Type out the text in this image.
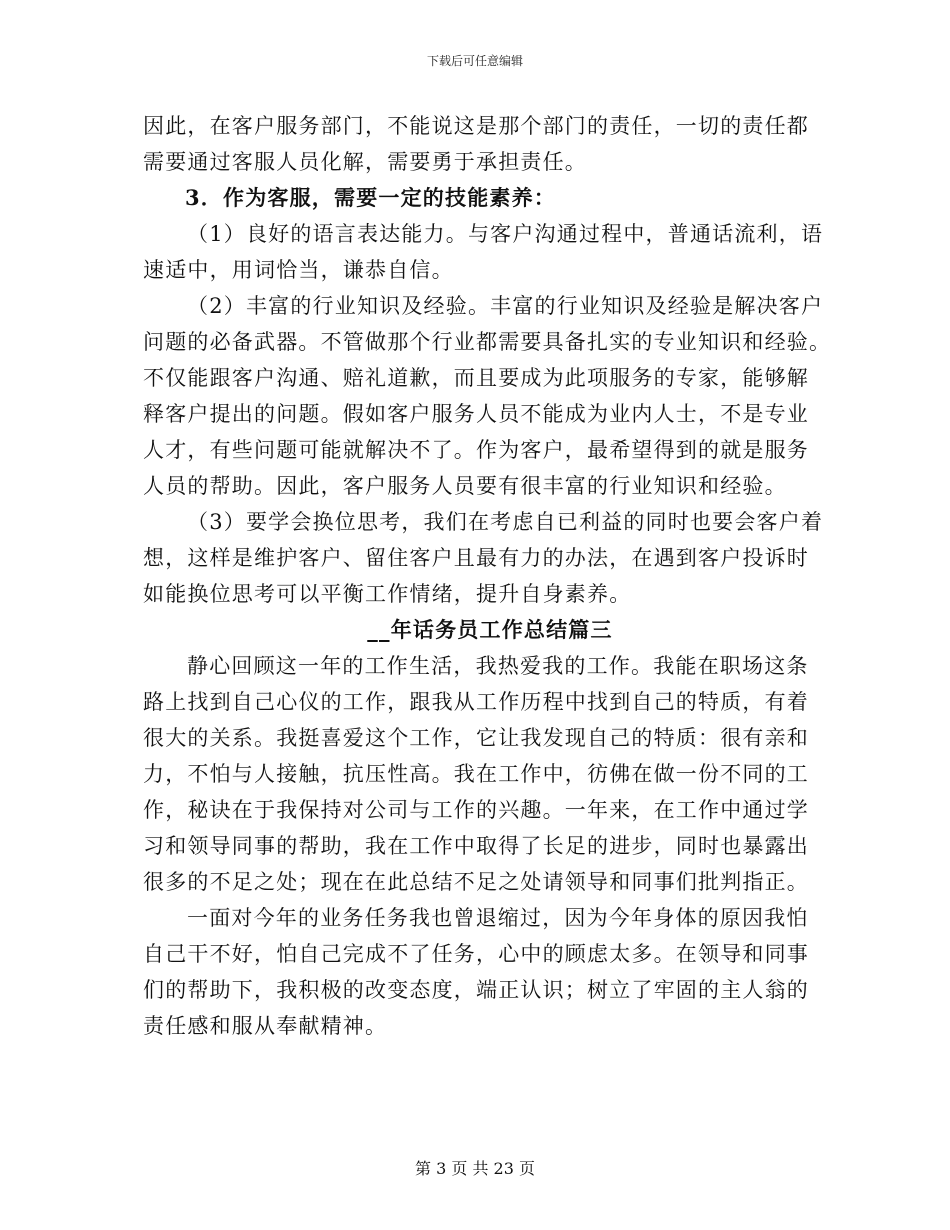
下载后可任意编辑
因此，在客户服务部门，不能说这是那个部门的责任，一切的责任都
需要通过客服人员化解，需要勇于承担责任。
3．作为客服，需要一定的技能素养：
（1）良好的语言表达能力。与客户沟通过程中，普通话流利，语
速适中，用词恰当，谦恭自信。
（2）丰富的行业知识及经验。丰富的行业知识及经验是解决客户
问题的必备武器。不管做那个行业都需要具备扎实的专业知识和经验。
不仅能跟客户沟通、赔礼道歉，而且要成为此项服务的专家，能够解
释客户提出的问题。假如客户服务人员不能成为业内人士，不是专业
人才，有些问题可能就解决不了。作为客户，最希望得到的就是服务
人员的帮助。因此，客户服务人员要有很丰富的行业知识和经验。
（3）要学会换位思考，我们在考虑自已利益的同时也要会客户着
想，这样是维护客户、留住客户且最有力的办法，在遇到客户投诉时
如能换位思考可以平衡工作情绪，提升自身素养。
__年话务员工作总结篇三
静心回顾这一年的工作生活，我热爱我的工作。我能在职场这条
路上找到自己心仪的工作，跟我从工作历程中找到自己的特质，有着
很大的关系。我挺喜爱这个工作，它让我发现自己的特质：很有亲和
力，不怕与人接触，抗压性高。我在工作中，彷佛在做一份不同的工
作，秘诀在于我保持对公司与工作的兴趣。一年来，在工作中通过学
习和领导同事的帮助，我在工作中取得了长足的进步，同时也暴露出
很多的不足之处；现在在此总结不足之处请领导和同事们批判指正。
一面对今年的业务任务我也曾退缩过，因为今年身体的原因我怕
自己干不好，怕自己完成不了任务，心中的顾虑太多。在领导和同事
们的帮助下，我积极的改变态度，端正认识；树立了牢固的主人翁的
责任感和服从奉献精神。
第 3 页 共 23 页
